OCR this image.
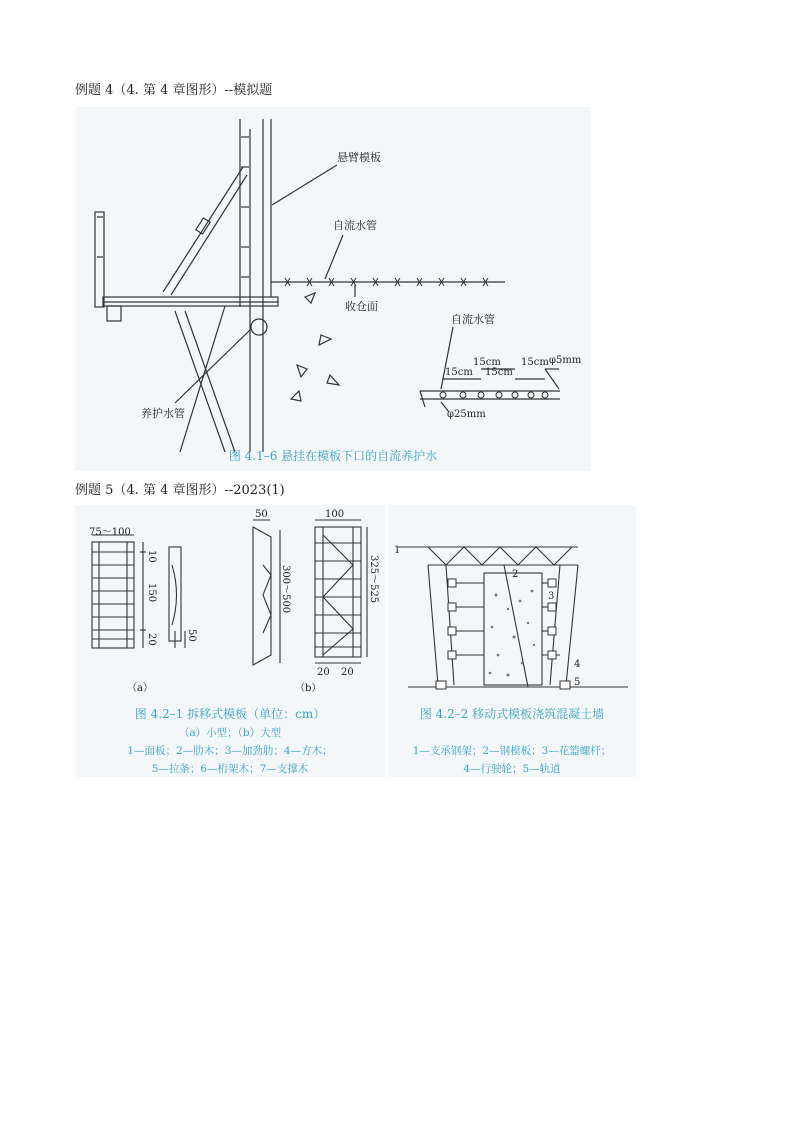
例题 4（4. 第 4 章图形）--模拟题
悬臂模板
自流水管
收仓面
养护水管
自流水管
15cm
15cm 15cm
15cm φ5mm
φ25mm
图 4.1–6 悬挂在模板下口的自流养护水
例题 5（4. 第 4 章图形）--2023(1)
75～100
10
150
20	50
50
300～500
100
325～525
20 20
（a）	（b）
图 4.2–1 拆移式模板（单位：cm）
（a）小型；（b）大型
1—面板；2—肋木；3—加劲肋；4—方木；
5—拉条；6—桁架木；7—支撑木
1
2
3
4
5
图 4.2–2 移动式模板浇筑混凝土墙
1—支承钢架；2—钢模板；3—花篮螺杆；
4—行驶轮；5—轨道
